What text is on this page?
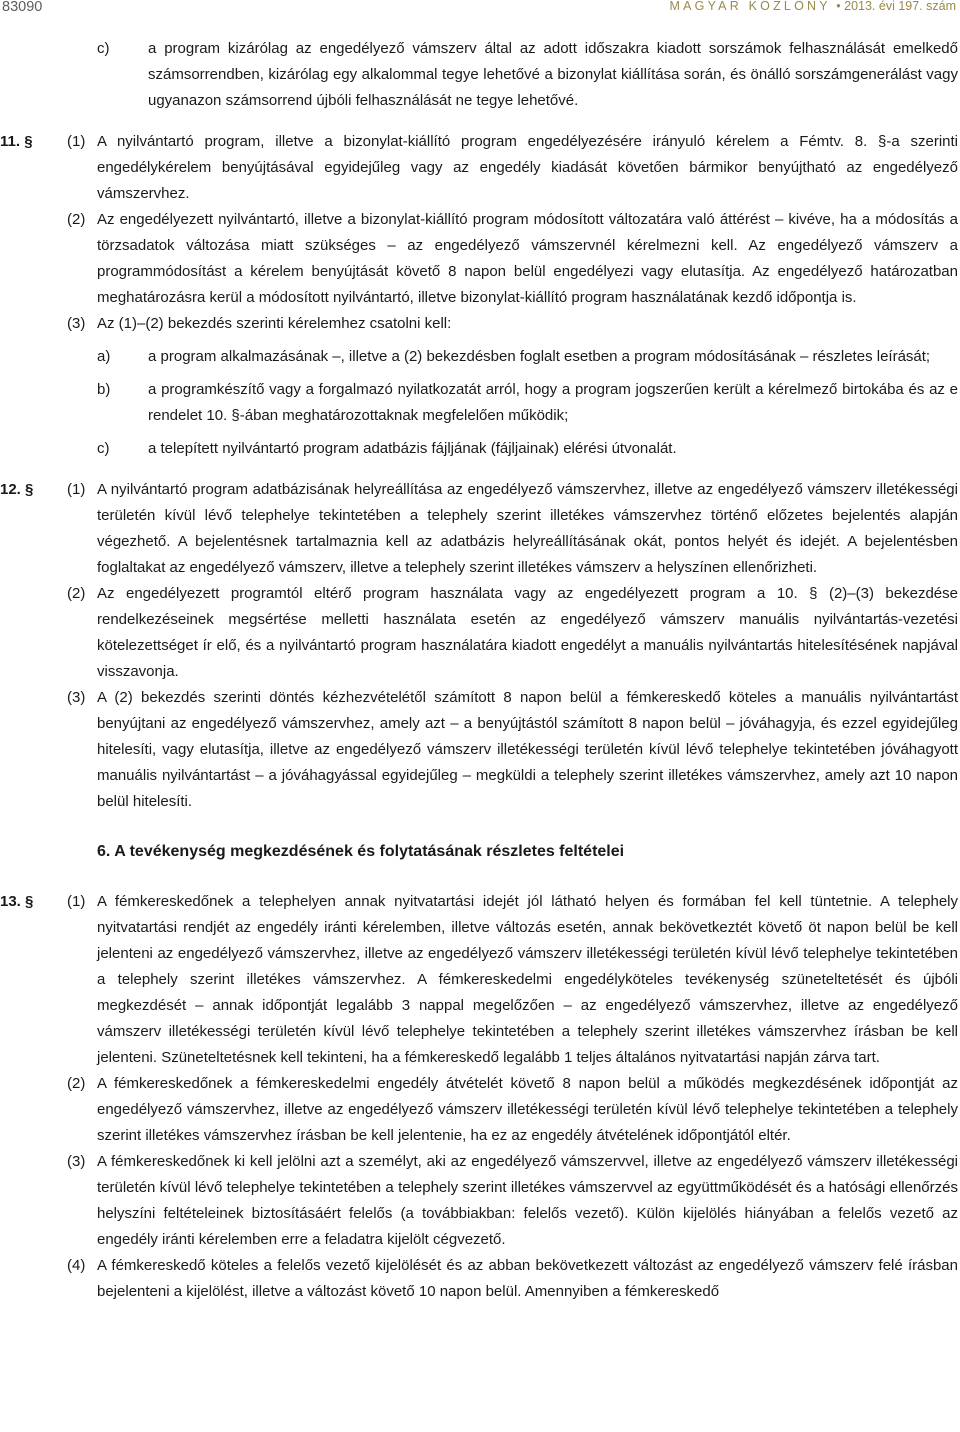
83090	MAGYAR KÖZLÖNY • 2013. évi 197. szám
c)	a program kizárólag az engedélyező vámszerv által az adott időszakra kiadott sorszámok felhasználását emelkedő számsorrendben, kizárólag egy alkalommal tegye lehetővé a bizonylat kiállítása során, és önálló sorszámgenerálást vagy ugyanazon számsorrend újbóli felhasználását ne tegye lehetővé.

11. § (1) A nyilvántartó program, illetve a bizonylat-kiállító program engedélyezésére irányuló kérelem a Fémtv. 8. §-a szerinti engedélykérelem benyújtásával egyidejűleg vagy az engedély kiadását követően bármikor benyújtható az engedélyező vámszervhez.

(2) Az engedélyezett nyilvántartó, illetve a bizonylat-kiállító program módosított változatára való áttérést – kivéve, ha a módosítás a törzsadatok változása miatt szükséges – az engedélyező vámszervnél kérelmezni kell. Az engedélyező vámszerv a programmódosítást a kérelem benyújtását követő 8 napon belül engedélyezi vagy elutasítja. Az engedélyező határozatban meghatározásra kerül a módosított nyilvántartó, illetve bizonylat-kiállító program használatának kezdő időpontja is.

(3) Az (1)–(2) bekezdés szerinti kérelemhez csatolni kell:

a)	a program alkalmazásának –, illetve a (2) bekezdésben foglalt esetben a program módosításának – részletes leírását;

b)	a programkészítő vagy a forgalmazó nyilatkozatát arról, hogy a program jogszerűen került a kérelmező birtokába és az e rendelet 10. §-ában meghatározottaknak megfelelően működik;

c)	a telepített nyilvántartó program adatbázis fájljának (fájljainak) elérési útvonalát.

12. § (1) A nyilvántartó program adatbázisának helyreállítása az engedélyező vámszervhez, illetve az engedélyező vámszerv illetékességi területén kívül lévő telephelye tekintetében a telephely szerint illetékes vámszervhez történő előzetes bejelentés alapján végezhető. A bejelentésnek tartalmaznia kell az adatbázis helyreállításának okát, pontos helyét és idejét. A bejelentésben foglaltakat az engedélyező vámszerv, illetve a telephely szerint illetékes vámszerv a helyszínen ellenőrizheti.

(2) Az engedélyezett programtól eltérő program használata vagy az engedélyezett program a 10. § (2)–(3) bekezdése rendelkezéseinek megsértése melletti használata esetén az engedélyező vámszerv manuális nyilvántartás-vezetési kötelezettséget ír elő, és a nyilvántartó program használatára kiadott engedélyt a manuális nyilvántartás hitelesítésének napjával visszavonja.

(3) A (2) bekezdés szerinti döntés kézhezvételétől számított 8 napon belül a fémkereskedő köteles a manuális nyilvántartást benyújtani az engedélyező vámszervhez, amely azt – a benyújtástól számított 8 napon belül – jóváhagyja, és ezzel egyidejűleg hitelesíti, vagy elutasítja, illetve az engedélyező vámszerv illetékességi területén kívül lévő telephelye tekintetében jóváhagyott manuális nyilvántartást – a jóváhagyással egyidejűleg – megküldi a telephely szerint illetékes vámszervhez, amely azt 10 napon belül hitelesíti.

6. A tevékenység megkezdésének és folytatásának részletes feltételei
13. § (1) A fémkereskedőnek a telephelyen annak nyitvatartási idejét jól látható helyen és formában fel kell tüntetnie. A telephely nyitvatartási rendjét az engedély iránti kérelemben, illetve változás esetén, annak bekövetkeztét követő öt napon belül be kell jelenteni az engedélyező vámszervhez, illetve az engedélyező vámszerv illetékességi területén kívül lévő telephelye tekintetében a telephely szerint illetékes vámszervhez. A fémkereskedelmi engedélyköteles tevékenység szüneteltetését és újbóli megkezdését – annak időpontját legalább 3 nappal megelőzően – az engedélyező vámszervhez, illetve az engedélyező vámszerv illetékességi területén kívül lévő telephelye tekintetében a telephely szerint illetékes vámszervhez írásban be kell jelenteni. Szüneteltetésnek kell tekinteni, ha a fémkereskedő legalább 1 teljes általános nyitvatartási napján zárva tart.

(2) A fémkereskedőnek a fémkereskedelmi engedély átvételét követő 8 napon belül a működés megkezdésének időpontját az engedélyező vámszervhez, illetve az engedélyező vámszerv illetékességi területén kívül lévő telephelye tekintetében a telephely szerint illetékes vámszervhez írásban be kell jelentenie, ha ez az engedély átvételének időpontjától eltér.

(3) A fémkereskedőnek ki kell jelölni azt a személyt, aki az engedélyező vámszervvel, illetve az engedélyező vámszerv illetékességi területén kívül lévő telephelye tekintetében a telephely szerint illetékes vámszervvel az együttműködését és a hatósági ellenőrzés helyszíni feltételeinek biztosításáért felelős (a továbbiakban: felelős vezető). Külön kijelölés hiányában a felelős vezető az engedély iránti kérelemben erre a feladatra kijelölt cégvezető.

(4) A fémkereskedő köteles a felelős vezető kijelölését és az abban bekövetkezett változást az engedélyező vámszerv felé írásban bejelenteni a kijelölést, illetve a változást követő 10 napon belül. Amennyiben a fémkereskedő
